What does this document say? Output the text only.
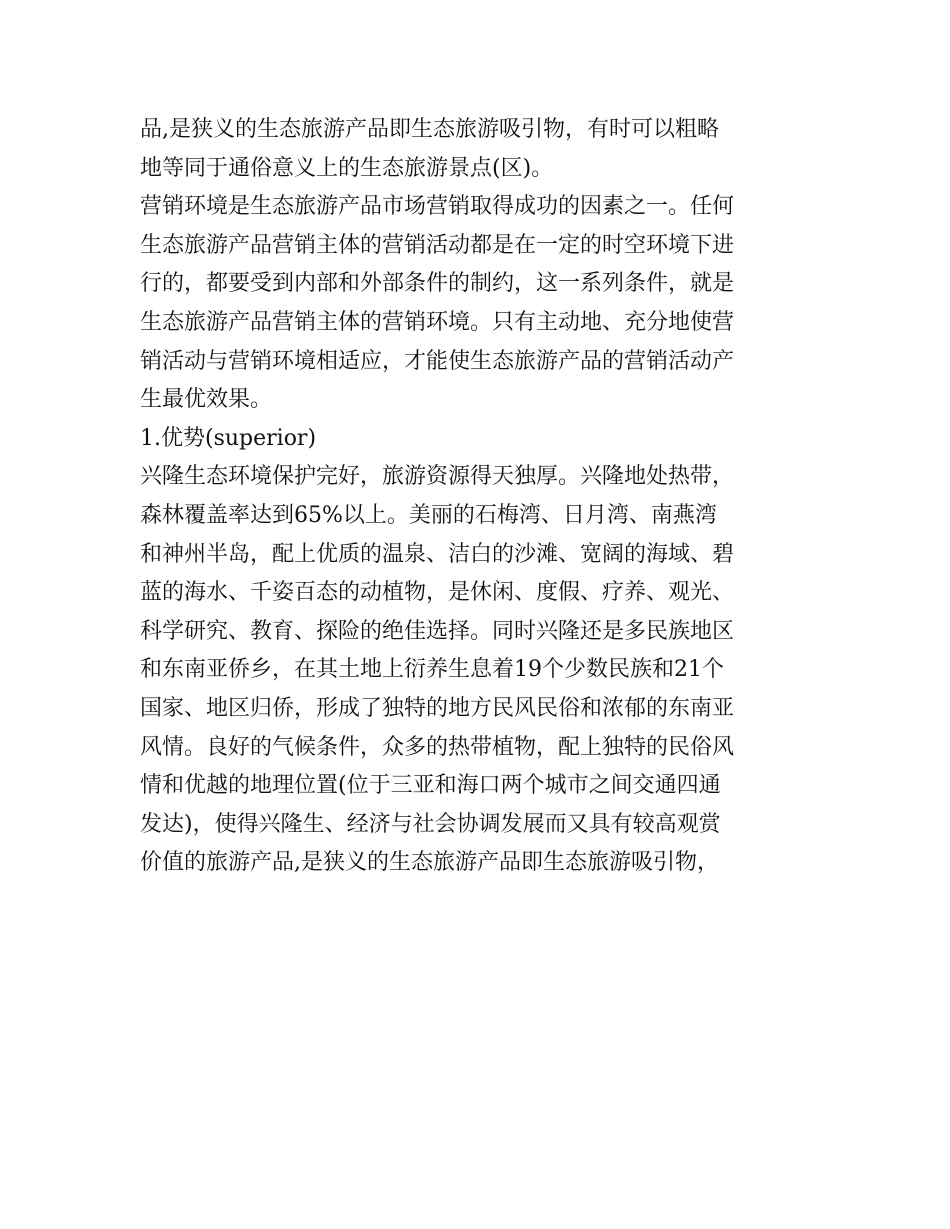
品,是狭义的生态旅游产品即生态旅游吸引物，有时可以粗略
地等同于通俗意义上的生态旅游景点(区)。
营销环境是生态旅游产品市场营销取得成功的因素之一。任何
生态旅游产品营销主体的营销活动都是在一定的时空环境下进
行的，都要受到内部和外部条件的制约，这一系列条件，就是
生态旅游产品营销主体的营销环境。只有主动地、充分地使营
销活动与营销环境相适应，才能使生态旅游产品的营销活动产
生最优效果。
1.优势(superior)
兴隆生态环境保护完好，旅游资源得天独厚。兴隆地处热带，
森林覆盖率达到65%以上。美丽的石梅湾、日月湾、南燕湾
和神州半岛，配上优质的温泉、洁白的沙滩、宽阔的海域、碧
蓝的海水、千姿百态的动植物，是休闲、度假、疗养、观光、
科学研究、教育、探险的绝佳选择。同时兴隆还是多民族地区
和东南亚侨乡，在其土地上衍养生息着19个少数民族和21个
国家、地区归侨，形成了独特的地方民风民俗和浓郁的东南亚
风情。良好的气候条件，众多的热带植物，配上独特的民俗风
情和优越的地理位置(位于三亚和海口两个城市之间交通四通
发达)，使得兴隆生、经济与社会协调发展而又具有较高观赏
价值的旅游产品,是狭义的生态旅游产品即生态旅游吸引物，
